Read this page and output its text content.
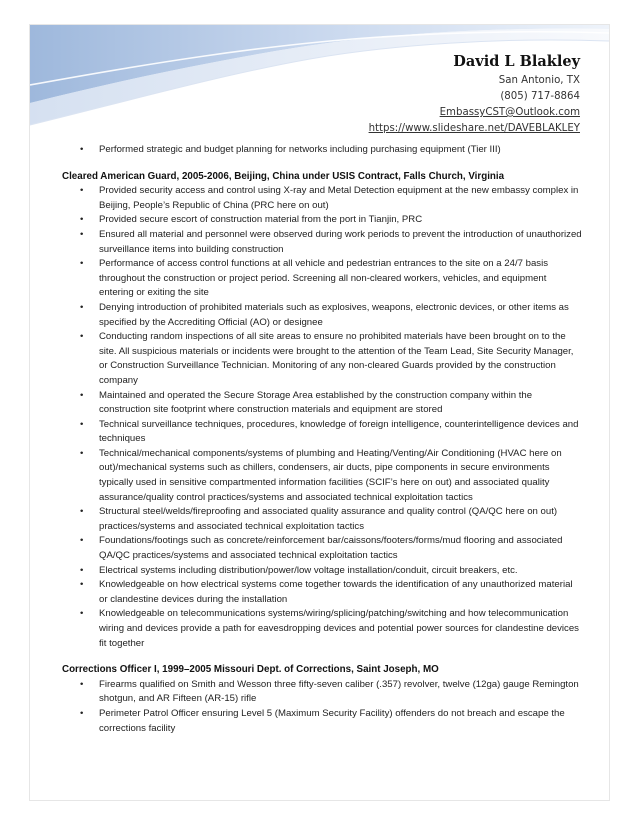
David L Blakley
San Antonio, TX
(805) 717-8864
EmbassyCST@Outlook.com
https://www.slideshare.net/DAVEBLAKLEY
• Performed strategic and budget planning for networks including purchasing equipment (Tier III)
Cleared American Guard, 2005-2006, Beijing, China under USIS Contract, Falls Church, Virginia
• Provided security access and control using X-ray and Metal Detection equipment at the new embassy complex in Beijing, People’s Republic of China (PRC here on out)
• Provided secure escort of construction material from the port in Tianjin, PRC
• Ensured all material and personnel were observed during work periods to prevent the introduction of unauthorized surveillance items into building construction
• Performance of access control functions at all vehicle and pedestrian entrances to the site on a 24/7 basis throughout the construction or project period. Screening all non-cleared workers, vehicles, and equipment entering or exiting the site
• Denying introduction of prohibited materials such as explosives, weapons, electronic devices, or other items as specified by the Accrediting Official (AO) or designee
• Conducting random inspections of all site areas to ensure no prohibited materials have been brought on to the site. All suspicious materials or incidents were brought to the attention of the Team Lead, Site Security Manager, or Construction Surveillance Technician. Monitoring of any non-cleared Guards provided by the construction company
• Maintained and operated the Secure Storage Area established by the construction company within the construction site footprint where construction materials and equipment are stored
• Technical surveillance techniques, procedures, knowledge of foreign intelligence, counterintelligence devices and techniques
• Technical/mechanical components/systems of plumbing and Heating/Venting/Air Conditioning (HVAC here on out)/mechanical systems such as chillers, condensers, air ducts, pipe components in secure environments typically used in sensitive compartmented information facilities (SCIF’s here on out) and associated quality assurance/quality control practices/systems and associated technical exploitation tactics
• Structural steel/welds/fireproofing and associated quality assurance and quality control (QA/QC here on out) practices/systems and associated technical exploitation tactics
• Foundations/footings such as concrete/reinforcement bar/caissons/footers/forms/mud flooring and associated QA/QC practices/systems and associated technical exploitation tactics
• Electrical systems including distribution/power/low voltage installation/conduit, circuit breakers, etc.
• Knowledgeable on how electrical systems come together towards the identification of any unauthorized material or clandestine devices during the installation
• Knowledgeable on telecommunications systems/wiring/splicing/patching/switching and how telecommunication wiring and devices provide a path for eavesdropping devices and potential power sources for clandestine devices fit together
Corrections Officer I, 1999–2005 Missouri Dept. of Corrections, Saint Joseph, MO
• Firearms qualified on Smith and Wesson three fifty-seven caliber (.357) revolver, twelve (12ga) gauge Remington shotgun, and AR Fifteen (AR-15) rifle
• Perimeter Patrol Officer ensuring Level 5 (Maximum Security Facility) offenders do not breach and escape the corrections facility
